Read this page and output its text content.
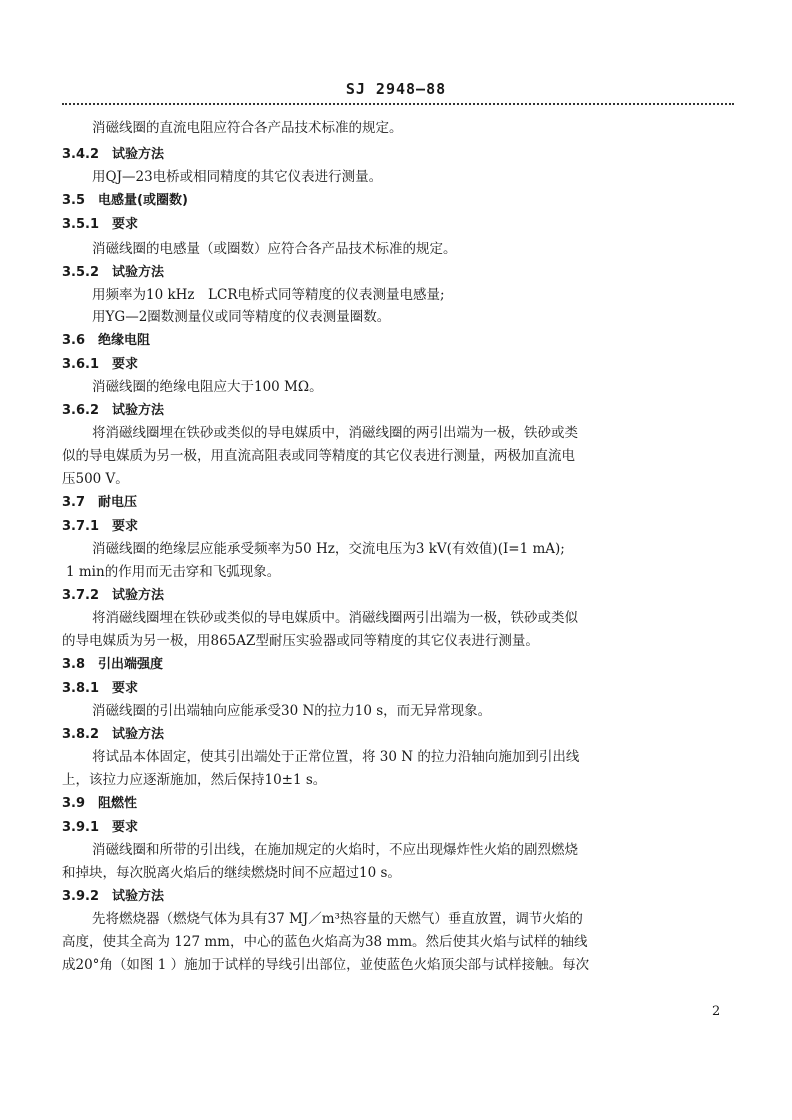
SJ 2948—88
消磁线圈的直流电阻应符合各产品技术标准的规定。
3.4.2　试验方法
用QJ—23电桥或相同精度的其它仪表进行测量。
3.5　电感量(或圈数)
3.5.1　要求
消磁线圈的电感量（或圈数）应符合各产品技术标准的规定。
3.5.2　试验方法
用频率为10 kHz　LCR电桥式同等精度的仪表测量电感量;
用YG—2圈数测量仪或同等精度的仪表测量圈数。
3.6　绝缘电阻
3.6.1　要求
消磁线圈的绝缘电阻应大于100 MΩ。
3.6.2　试验方法
将消磁线圈埋在铁砂或类似的导电媒质中，消磁线圈的两引出端为一极，铁砂或类
似的导电媒质为另一极，用直流高阻表或同等精度的其它仪表进行测量，两极加直流电
压500 V。
3.7　耐电压
3.7.1　要求
消磁线圈的绝缘层应能承受频率为50 Hz，交流电压为3 kV(有效值)(I=1 mA);
1 min的作用而无击穿和飞弧现象。
3.7.2　试验方法
将消磁线圈埋在铁砂或类似的导电媒质中。消磁线圈两引出端为一极，铁砂或类似
的导电媒质为另一极，用865AZ型耐压实验器或同等精度的其它仪表进行测量。
3.8　引出端强度
3.8.1　要求
消磁线圈的引出端轴向应能承受30 N的拉力10 s，而无异常现象。
3.8.2　试验方法
将试品本体固定，使其引出端处于正常位置，将 30 N 的拉力沿轴向施加到引出线
上，该拉力应逐渐施加，然后保持10±1 s。
3.9　阻燃性
3.9.1　要求
消磁线圈和所带的引出线，在施加规定的火焰时，不应出现爆炸性火焰的剧烈燃烧
和掉块，每次脱离火焰后的继续燃烧时间不应超过10 s。
3.9.2　试验方法
先将燃烧器（燃烧气体为具有37 MJ／m³热容量的天燃气）垂直放置，调节火焰的
高度，使其全高为 127 mm，中心的蓝色火焰高为38 mm。然后使其火焰与试样的轴线
成20°角（如图 1 ）施加于试样的导线引出部位，並使蓝色火焰顶尖部与试样接触。每次
2
